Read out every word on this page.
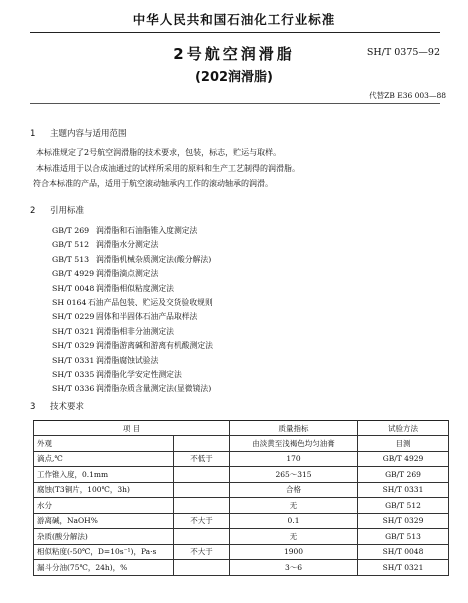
中华人民共和国石油化工行业标准
2号航空润滑脂
(202润滑脂)
SH/T 0375—92
代替ZB E36 003—88
1 主题内容与适用范围
本标准规定了2号航空润滑脂的技术要求，包装，标志，贮运与取样。
本标准适用于以合成油通过的试样所采用的原料和生产工艺制得的润滑脂。
符合本标准的产品，适用于航空滚动轴承内工作的滚动轴承的润滑。
2 引用标准
GB/T 269 润滑脂和石油脂锥入度测定法
GB/T 512 润滑脂水分测定法
GB/T 513 润滑脂机械杂质测定法(酸分解法)
GB/T 4929 润滑脂滴点测定法
SH/T 0048 润滑脂相似粘度测定法
SH 0164 石油产品包装、贮运及交货验收规则
SH/T 0229 固体和半固体石油产品取样法
SH/T 0321 润滑脂相非分油测定法
SH/T 0329 润滑脂游离碱和游离有机酸测定法
SH/T 0331 润滑脂腐蚀试验法
SH/T 0335 润滑脂化学安定性测定法
SH/T 0336 润滑脂杂质含量测定法(显微镜法)
3 技术要求
项 目		质量指标	试验方法
外观		由淡黄至浅褐色均匀油膏	目测
滴点,℃	不低于	170	GB/T 4929
工作锥入度，0.1mm		265～315	GB/T 269
腐蚀(T3铜片，100℃，3h)		合格	SH/T 0331
水分		无	GB/T 512
游离碱，NaOH%	不大于	0.1	SH/T 0329
杂质(酸分解法)		无	GB/T 513
相似粘度(-50℃，D=10s⁻¹)，Pa·s	不大于	1900	SH/T 0048
漏斗分油(75℃，24h)，%		3～6	SH/T 0321
